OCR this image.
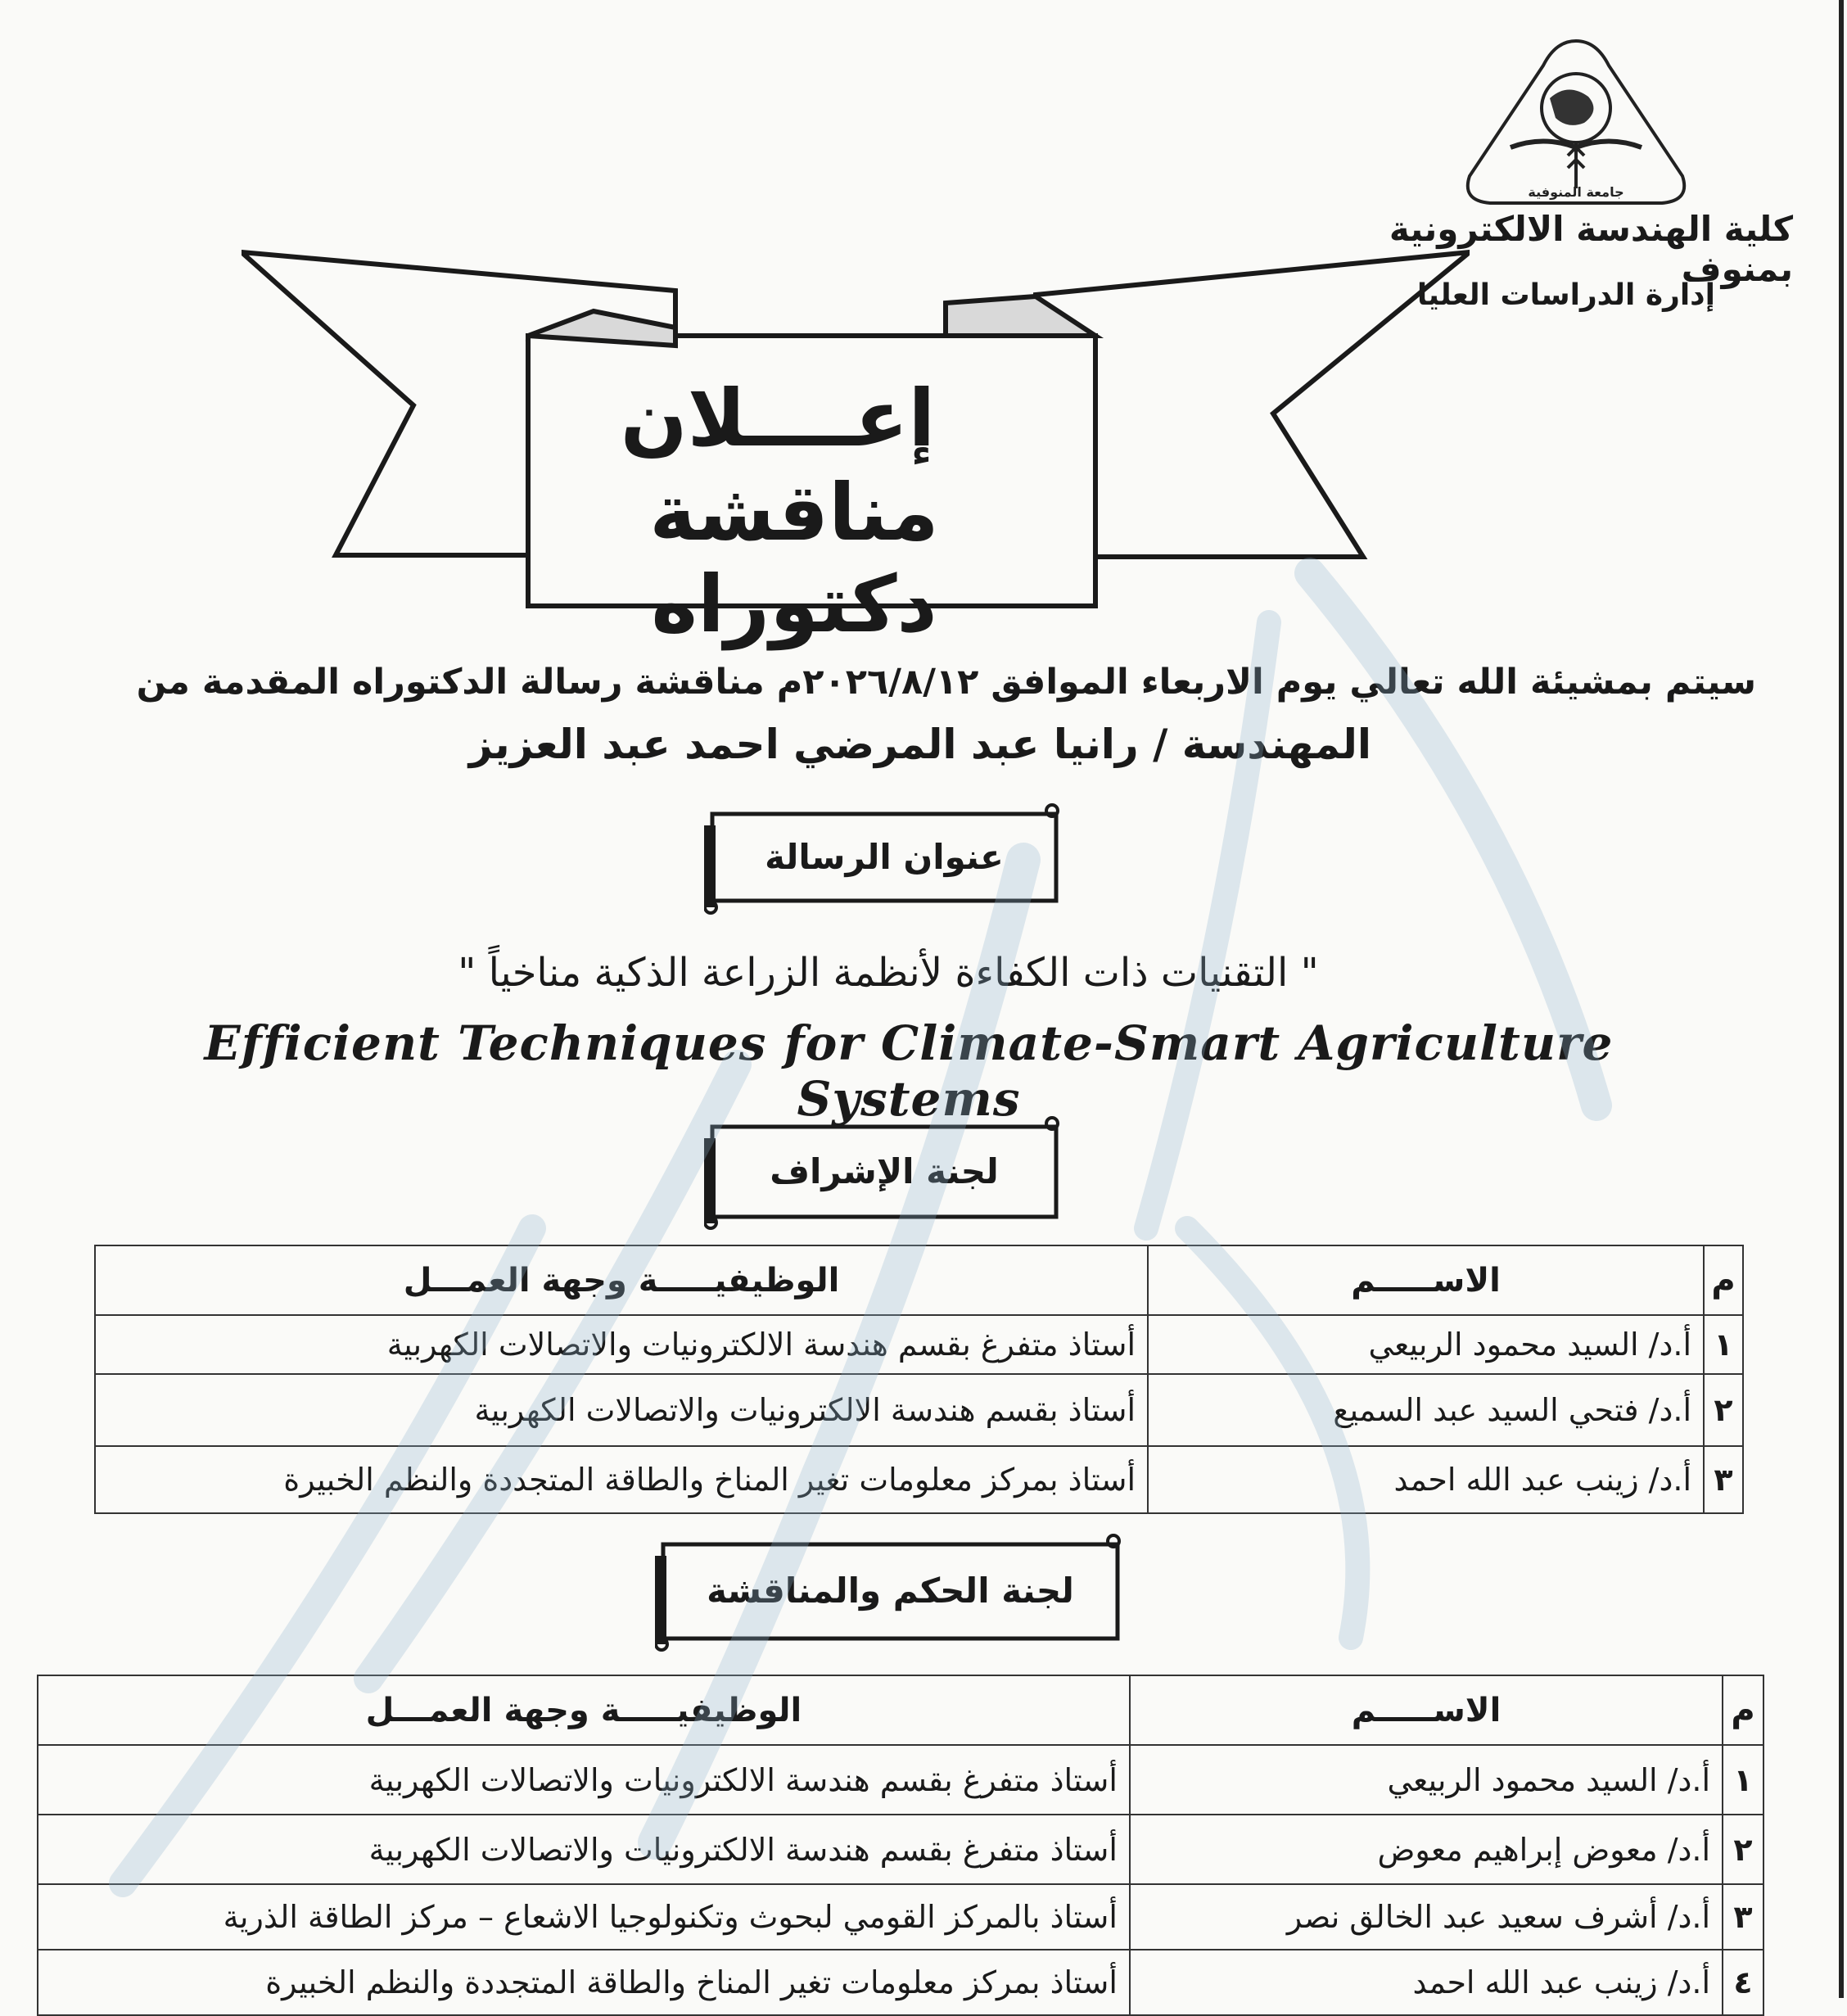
جامعة المنوفية
كلية الهندسة الالكترونية بمنوف
إدارة الدراسات العليا
إعــــلان
مناقشة دكتوراه
سيتم بمشيئة الله تعالي يوم الاربعاء الموافق ٢٠٢٦/٨/١٢م مناقشة رسالة الدكتوراه المقدمة من
المهندسة / رانيا عبد المرضي احمد عبد العزيز
عنوان الرسالة
" التقنيات ذات الكفاءة لأنظمة الزراعة الذكية مناخياً "
Efficient Techniques for Climate-Smart Agriculture Systems
لجنة الإشراف
م	الاســـــم	الوظيفيـــــة وجهة العمـــل
١	أ.د/ السيد محمود الربيعي	أستاذ متفرغ بقسم هندسة الالكترونيات والاتصالات الكهربية
٢	أ.د/ فتحي السيد عبد السميع	أستاذ بقسم هندسة الالكترونيات والاتصالات الكهربية
٣	أ.د/ زينب عبد الله احمد	أستاذ بمركز معلومات تغير المناخ والطاقة المتجددة والنظم الخبيرة
لجنة الحكم والمناقشة
م	الاســـــم	الوظيفيـــــة وجهة العمـــل
١	أ.د/ السيد محمود الربيعي	أستاذ متفرغ بقسم هندسة الالكترونيات والاتصالات الكهربية
٢	أ.د/ معوض إبراهيم معوض	أستاذ متفرغ بقسم هندسة الالكترونيات والاتصالات الكهربية
٣	أ.د/ أشرف سعيد عبد الخالق نصر	أستاذ بالمركز القومي لبحوث وتكنولوجيا الاشعاع – مركز الطاقة الذرية
٤	أ.د/ زينب عبد الله احمد	أستاذ بمركز معلومات تغير المناخ والطاقة المتجددة والنظم الخبيرة
